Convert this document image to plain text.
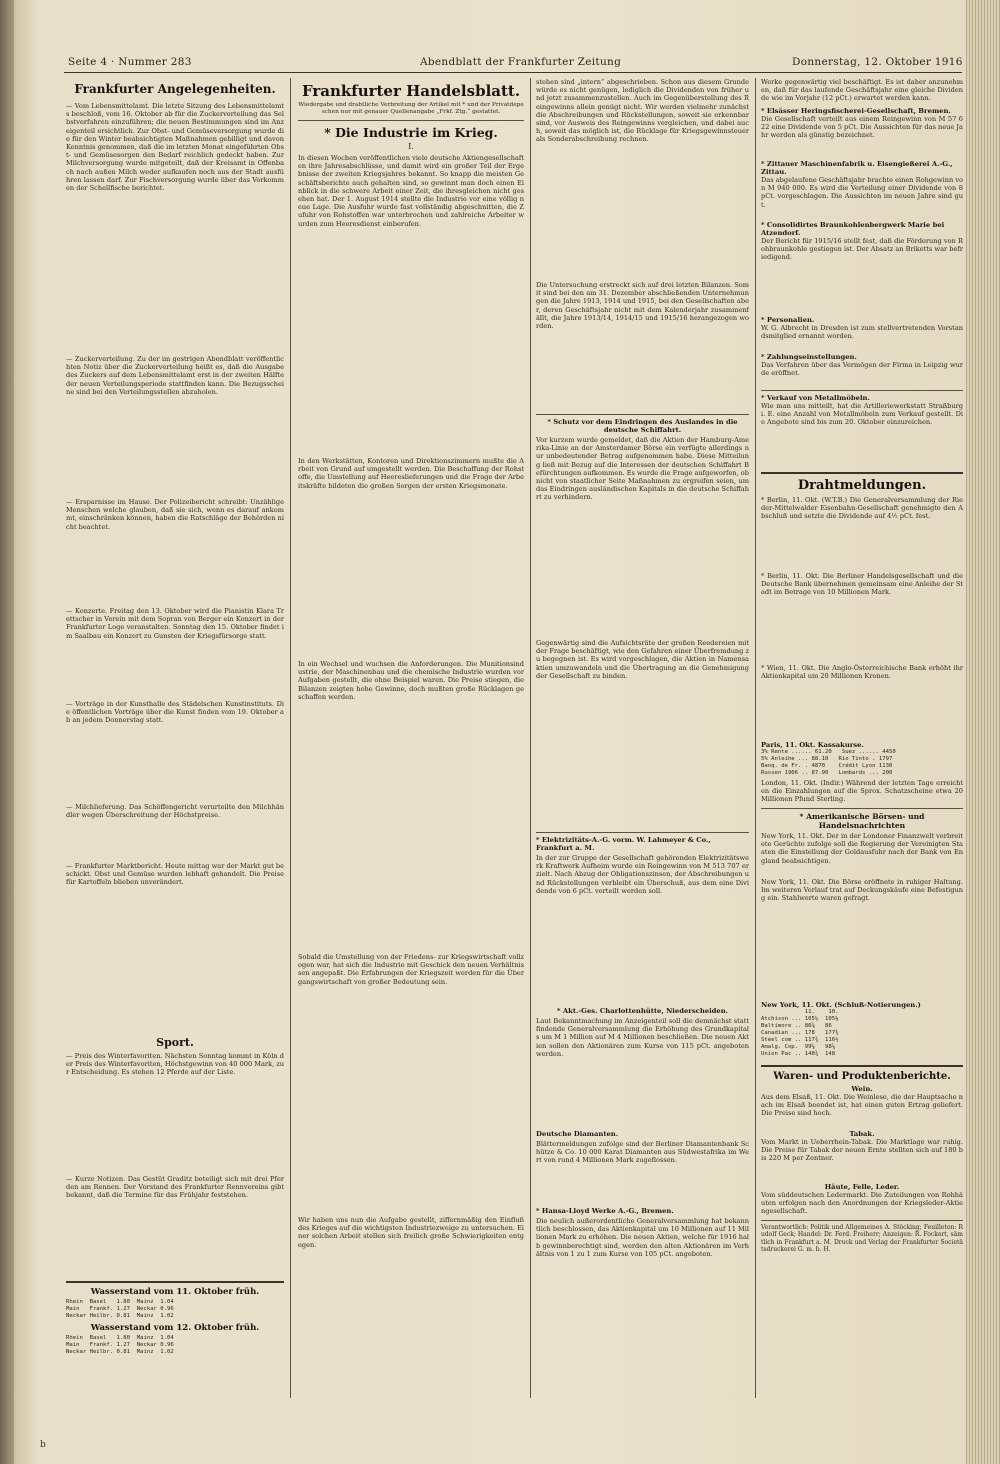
Seite 4 · Nummer 283	Abendblatt der Frankfurter Zeitung	Donnerstag, 12. Oktober 1916
Frankfurter Angelegenheiten.

— Vom Lebensmittelamt. Die letzte Sitzung des Lebensmittelamts beschloß, vom 16. Oktober ab für die Zuckerverteilung das Selbstverfahren einzuführen; die neuen Bestimmungen sind im Anzeigenteil ersichtlich. Zur Obst- und Gemüseversorgung wurde die für den Winter beabsichtigten Maßnahmen gebilligt und davon Kenntnis genommen, daß die im letzten Monat eingeführten Obst- und Gemüsesorgen den Bedarf reichlich gedeckt haben. Zur Milchversorgung wurde mitgeteilt, daß der Kreisamt in Offenbach nach außen Milch weder aufkaufen noch aus der Stadt ausführen lassen darf. Zur Fischversorgung wurde über das Vorkommen der Schellfische berichtet.

— Zuckerverteilung. Zu der im gestrigen Abendblatt veröffentlichten Notiz über die Zuckerverteilung heißt es, daß die Ausgabe des Zuckers auf dem Lebensmittelamt erst in der zweiten Hälfte der neuen Verteilungsperiode stattfinden kann. Die Bezugsscheine sind bei den Verteilungsstellen abzuholen.

— Ersparnisse im Hause. Der Polizeibericht schreibt: Unzählige Menschen welche glauben, daß sie sich, wenn es darauf ankommt, einschränken können, haben die Ratschläge der Behörden nicht beachtet.

— Konzerte. Freitag den 13. Oktober wird die Pianistin Klara Trettscher in Verein mit dem Sopran von Berger ein Konzert in der Frankfurter Loge veranstalten. Sonntag den 15. Oktober findet im Saalbau ein Konzert zu Gunsten der Kriegsfürsorge statt.

— Vorträge in der Kunsthalle des Städelschen Kunstinstituts. Die öffentlichen Vorträge über die Kunst finden vom 19. Oktober ab an jedem Donnerstag statt.

— Milchlieferung. Das Schöffengericht verurteilte den Milchhändler wegen Überschreitung der Höchstpreise.

— Frankfurter Marktbericht. Heute mittag war der Markt gut beschickt. Obst und Gemüse wurden lebhaft gehandelt. Die Preise für Kartoffeln blieben unverändert.

Sport.

— Preis des Winterfavoriten. Nächsten Sonntag kommt in Köln der Preis des Winterfavoriten, Höchstgewinn von 40 000 Mark, zur Entscheidung. Es stehen 12 Pferde auf der Liste.

— Kurze Notizen. Das Gestüt Graditz beteiligt sich mit drei Pferden am Rennen. Der Vorstand des Frankfurter Rennvereins gibt bekannt, daß die Termine für das Frühjahr feststehen.

Wasserstand vom 11. Oktober früh.
Rhein  Basel   1.80  Mainz  1.04
Main   Frankf. 1.27  Neckar 0.96
Neckar Heilbr. 0.81  Mainz  1.02
Wasserstand vom 12. Oktober früh.
Rhein  Basel   1.80  Mainz  1.04
Main   Frankf. 1.27  Neckar 0.96
Neckar Heilbr. 0.81  Mainz  1.02
Frankfurter Handelsblatt.

Wiedergabe und drahtliche Verbreitung der Artikel mit * und der Privatdepeschen nur mit genauer Quellenangabe „Frkf. Ztg.“ gestattet.

* Die Industrie im Krieg.
I.

In diesen Wochen veröffentlichen viele deutsche Aktiengesellschaften ihre Jahresabschlüsse, und damit wird ein großer Teil der Ergebnisse der zweiten Kriegsjahres bekannt. So knapp die meisten Geschäftsberichte auch gehalten sind, so gewinnt man doch einen Einblick in die schwere Arbeit einer Zeit, die ihresgleichen nicht gesehen hat. Der 1. August 1914 stellte die Industrie vor eine völlig neue Lage. Die Ausfuhr wurde fast vollständig abgeschnitten, die Zufuhr von Rohstoffen war unterbrochen und zahlreiche Arbeiter wurden zum Heeresdienst einberufen.

In den Werkstätten, Kontoren und Direktionszimmern mußte die Arbeit von Grund auf umgestellt werden. Die Beschaffung der Rohstoffe, die Umstellung auf Heereslieferungen und die Frage der Arbeitskräfte bildeten die großen Sorgen der ersten Kriegsmonate.

In ein Wechsel und wuchsen die Anforderungen. Die Munitionsindustrie, der Maschinenbau und die chemische Industrie wurden vor Aufgaben gestellt, die ohne Beispiel waren. Die Preise stiegen, die Bilanzen zeigten hohe Gewinne, doch mußten große Rücklagen geschaffen werden.

Sobald die Umstellung von der Friedens- zur Kriegswirtschaft vollzogen war, hat sich die Industrie mit Geschick den neuen Verhältnissen angepaßt. Die Erfahrungen der Kriegszeit werden für die Übergangswirtschaft von großer Bedeutung sein.

Wir haben uns nun die Aufgabe gestellt, ziffernmäßig den Einfluß des Krieges auf die wichtigsten Industriezweige zu untersuchen. Einer solchen Arbeit stellen sich freilich große Schwierigkeiten entgegen.

stehen sind „intern“ abgeschrieben. Schon aus diesem Grunde würde es nicht genügen, lediglich die Dividenden von früher und jetzt zusammenzustellen. Auch im Gegenüberstellung des Reingewinns allein genügt nicht. Wir werden vielmehr zunächst die Abschreibungen und Rückstellungen, soweit sie erkennbar sind, vor Ausweis des Reingewinns vergleichen, und dabei auch, soweit das möglich ist, die Rücklage für Kriegsgewinnsteuer als Sonderabschreibung rechnen.

Die Untersuchung erstreckt sich auf drei letzten Bilanzen. Somit sind bei den am 31. Dezember abschließenden Unternehmungen die Jahre 1913, 1914 und 1915, bei den Gesellschaften aber, deren Geschäftsjahr nicht mit dem Kalenderjahr zusammenfällt, die Jahre 1913/14, 1914/15 und 1915/16 herangezogen worden.

* Schutz vor dem Eindringen des Auslandes in die deutsche Schiffahrt.

Vor kurzem wurde gemeldet, daß die Aktien der Hamburg-Amerika-Linie an der Amsterdamer Börse ein verfügte allerdings nur unbedeutender Betrag aufgenommen habe. Diese Mitteilung ließ mit Bezug auf die Interessen der deutschen Schiffahrt Befürchtungen aufkommen. Es wurde die Frage aufgeworfen, ob nicht von staatlicher Seite Maßnahmen zu ergreifen seien, um das Eindringen ausländischen Kapitals in die deutsche Schiffahrt zu verhindern.

Gegenwärtig sind die Aufsichtsräte der großen Reedereien mit der Frage beschäftigt, wie den Gefahren einer Überfremdung zu begegnen ist. Es wird vorgeschlagen, die Aktien in Namensaktien umzuwandeln und die Übertragung an die Genehmigung der Gesellschaft zu binden.

* Elektrizitäts-A.-G. vorm. W. Lahmeyer & Co., Frankfurt a. M.

In der zur Gruppe der Gesellschaft gehörenden Elektrizitätswerk Kraftwerk Aufheim wurde ein Reingewinn von M 513 707 erzielt. Nach Abzug der Obligationszinsen, der Abschreibungen und Rückstellungen verbleibt ein Überschuß, aus dem eine Dividende von 6 pCt. verteilt werden soll.

* Akt.-Ges. Charlottenhütte, Niederscheiden.

Laut Bekanntmachung im Anzeigenteil soll die demnächst stattfindende Generalversammlung die Erhöhung des Grundkapitals um M 1 Million auf M 4 Millionen beschließen. Die neuen Aktien sollen den Aktionären zum Kurse von 115 pCt. angeboten werden.

Deutsche Diamanten.

Blättermeldungen zufolge sind der Berliner Diamantenbank Schütze & Co. 10 000 Karat Diamanten aus Südwestafrika im Wert von rund 4 Millionen Mark zugeflossen.

* Hansa-Lloyd Werke A.-G., Bremen.

Die neulich außerordentliche Generalversammlung hat bekanntlich beschlossen, das Aktienkapital um 10 Millionen auf 11 Millionen Mark zu erhöhen. Die neuen Aktien, welche für 1916 halb gewinnberechtigt sind, werden den alten Aktionären im Verhältnis von 1 zu 1 zum Kurse von 105 pCt. angeboten.

Werke gegenwärtig viel beschäftigt. Es ist daher anzunehmen, daß für das laufende Geschäftsjahr eine gleiche Dividende wie im Vorjahr (12 pCt.) erwartet werden kann.

* Elsässer Heringsfischerei-Gesellschaft, Bremen.

Die Gesellschaft verteilt aus einem Reingewinn von M 57 622 eine Dividende von 5 pCt. Die Aussichten für das neue Jahr werden als günstig bezeichnet.

* Zittauer Maschinenfabrik u. Eisengießerei A.-G., Zittau.

Das abgelaufene Geschäftsjahr brachte einen Rohgewinn von M 940 000. Es wird die Verteilung einer Dividende von 8 pCt. vorgeschlagen. Die Aussichten im neuen Jahre sind gut.

* Consolidirtes Braunkohlenbergwerk Marie bei Atzendorf.

Der Bericht für 1915/16 stellt fest, daß die Förderung von Rohbraunkohle gestiegen ist. Der Absatz an Briketts war befriedigend.

* Personalien.

W. G. Albrecht in Dresden ist zum stellvertretenden Vorstandsmitglied ernannt worden.

* Zahlungseinstellungen.

Das Verfahren über das Vermögen der Firma in Leipzig wurde eröffnet.

* Verkauf von Metallmöbeln.

Wie man uns mitteilt, hat die Artilleriewerkstatt Straßburg i. E. eine Anzahl von Metallmöbeln zum Verkauf gestellt. Die Angebote sind bis zum 20. Oktober einzureichen.

Drahtmeldungen.

* Berlin, 11. Okt. (W.T.B.) Die Generalversammlung der Rieder-Mittelwalder Eisenbahn-Gesellschaft genehmigte den Abschluß und setzte die Dividende auf 4½ pCt. fest.

* Berlin, 11. Okt. Die Berliner Handelsgesellschaft und die Deutsche Bank übernehmen gemeinsam eine Anleihe der Stadt im Betrage von 10 Millionen Mark.

* Wien, 11. Okt. Die Anglo-Österreichische Bank erhöht ihr Aktienkapital um 20 Millionen Kronen.

Paris, 11. Okt. Kassakurse.
3% Rente ...... 61.20   Suez ...... 4450
5% Anleihe ... 88.10   Rio Tinto . 1797
Banq. de Fr. . 4870    Crédit Lyon 1130
Russen 1906 .. 87.90   Lombards ... 200

London, 11. Okt. (Indir.) Während der letzten Tage erreichten die Einzahlungen auf die Sprox. Schatzscheine etwa 20 Millionen Pfund Sterling.

* Amerikanische Börsen- und Handelsnachrichten

New York, 11. Okt. Der in der Londoner Finanzwelt verbreitete Gerüchte zufolge soll die Regierung der Vereinigten Staaten die Einstellung der Goldausfuhr nach der Bank von England beabsichtigen.

New York, 11. Okt. Die Börse eröffnete in ruhiger Haltung. Im weiteren Verlauf trat auf Deckungskäufe eine Befestigung ein. Stahlwerte waren gefragt.

New York, 11. Okt. (Schluß-Notierungen.)
11.    10.
Atchison ... 105½  105⅛
Baltimore .. 86⅜   86
Canadian ... 178   177¾
Steel com .. 117¾  116½
Amalg. Cop.  99⅝   98⅞
Union Pac .. 148¾  148
Waren- und Produktenberichte.
Wein.

Aus dem Elsaß, 11. Okt. Die Weinlese, die der Hauptsache nach im Elsaß beendet ist, hat einen guten Ertrag geliefert. Die Preise sind hoch.

Tabak.

Vom Markt in Ueberrhein-Tabak. Die Marktlage war ruhig. Die Preise für Tabak der neuen Ernte stellten sich auf 180 bis 220 M per Zentner.

Häute, Felle, Leder.

Vom süddeutschen Ledermarkt. Die Zuteilungen von Rohhäuten erfolgen nach den Anordnungen der Kriegsleder-Aktiengesellschaft.

Verantwortlich: Politik und Allgemeines A. Stöcking; Feuilleton: Rudolf Geck; Handel: Dr. Ferd. Freiherr; Anzeigen: R. Fockert, sämtlich in Frankfurt a. M. Druck und Verlag der Frankfurter Societätsdruckerei G. m. b. H.

b
